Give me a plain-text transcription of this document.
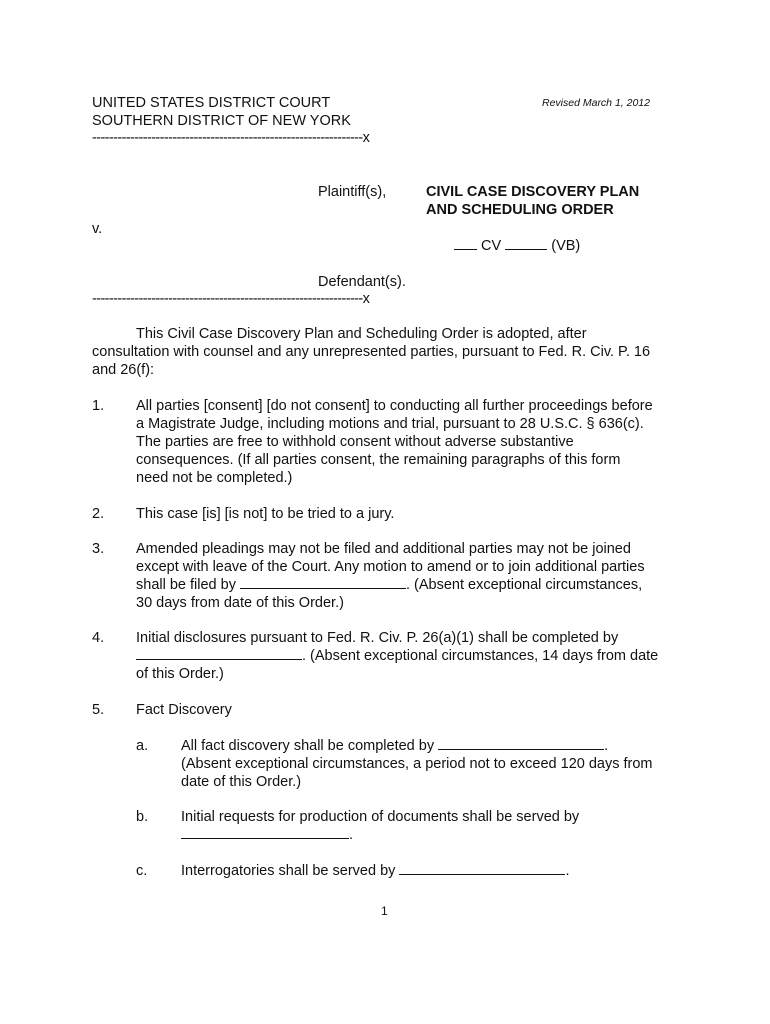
UNITED STATES DISTRICT COURT
SOUTHERN DISTRICT OF NEW YORK
Revised March 1, 2012
----------------------------------------------------------------x
Plaintiff(s),	CIVIL CASE DISCOVERY PLAN
AND SCHEDULING ORDER
v.
CV	(VB)
Defendant(s).
----------------------------------------------------------------x
This Civil Case Discovery Plan and Scheduling Order is adopted, after
consultation with counsel and any unrepresented parties, pursuant to Fed. R. Civ. P. 16
and 26(f):
1. All parties [consent] [do not consent] to conducting all further proceedings before
a Magistrate Judge, including motions and trial, pursuant to 28 U.S.C. § 636(c).
The parties are free to withhold consent without adverse substantive
consequences. (If all parties consent, the remaining paragraphs of this form
need not be completed.)
2. This case [is] [is not] to be tried to a jury.
3. Amended pleadings may not be filed and additional parties may not be joined
except with leave of the Court. Any motion to amend or to join additional parties
shall be filed by	. (Absent exceptional circumstances,
30 days from date of this Order.)
4. Initial disclosures pursuant to Fed. R. Civ. P. 26(a)(1) shall be completed by
. (Absent exceptional circumstances, 14 days from date
of this Order.)
5. Fact Discovery
a. All fact discovery shall be completed by	.
(Absent exceptional circumstances, a period not to exceed 120 days from
date of this Order.)
b. Initial requests for production of documents shall be served by
.
c. Interrogatories shall be served by	.
1
